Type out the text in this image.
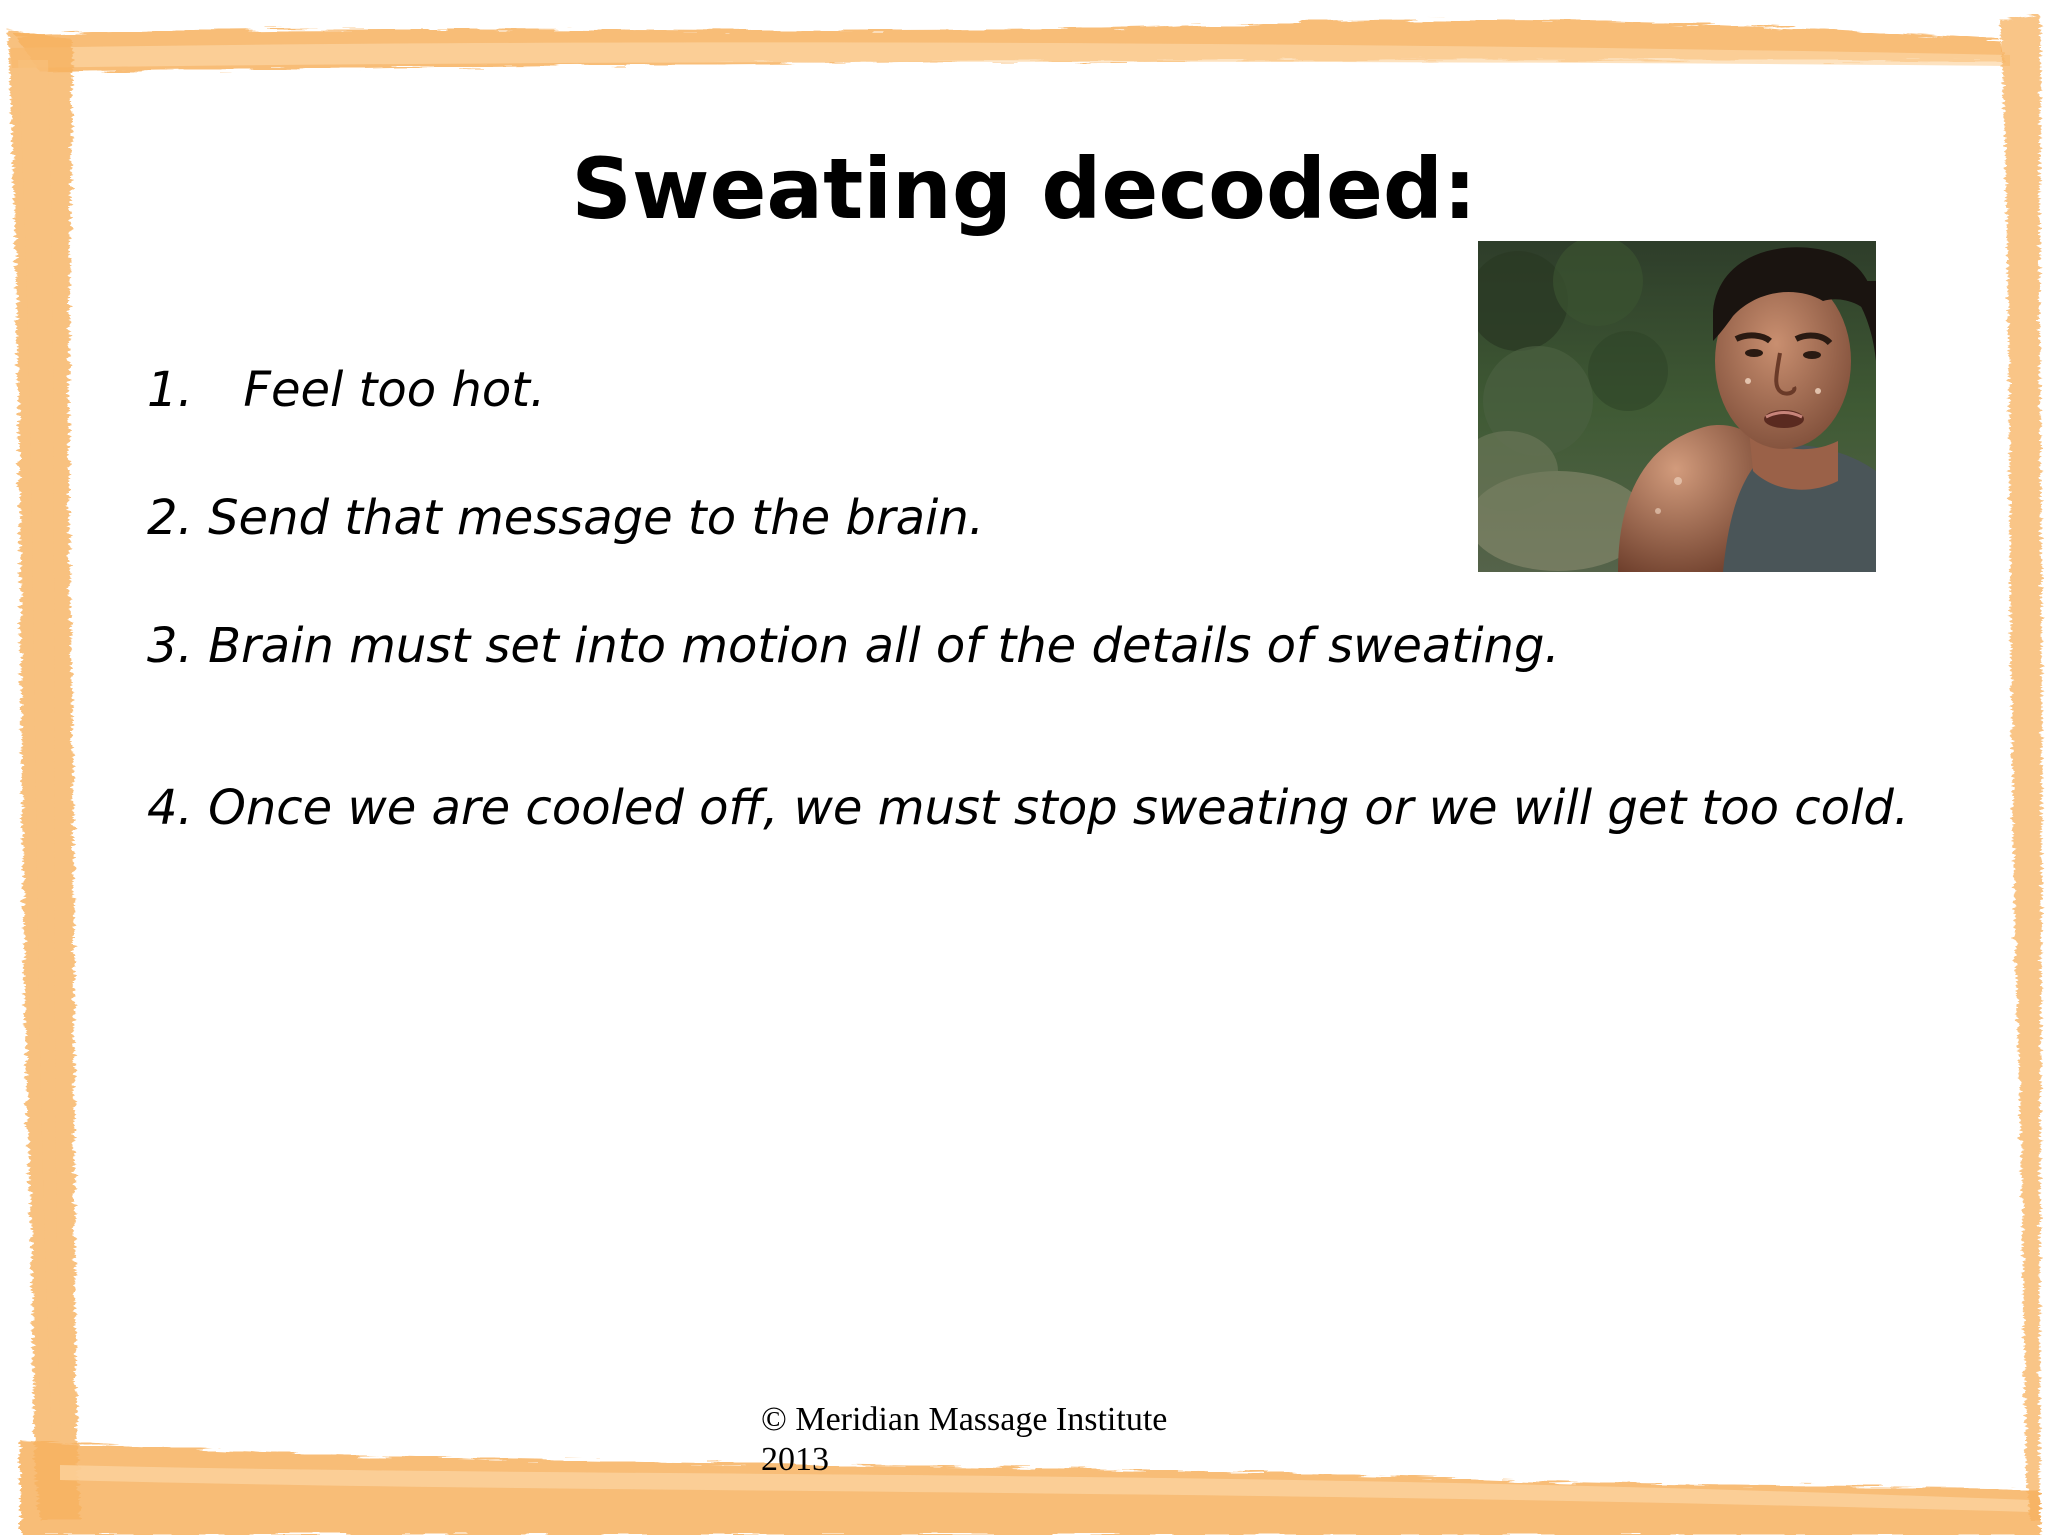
Sweating decoded:
1. Feel too hot.
2. Send that message to the brain.
3. Brain must set into motion all of the details of sweating.
4. Once we are cooled off, we must stop sweating or we will get too cold.
© Meridian Massage Institute
2013
